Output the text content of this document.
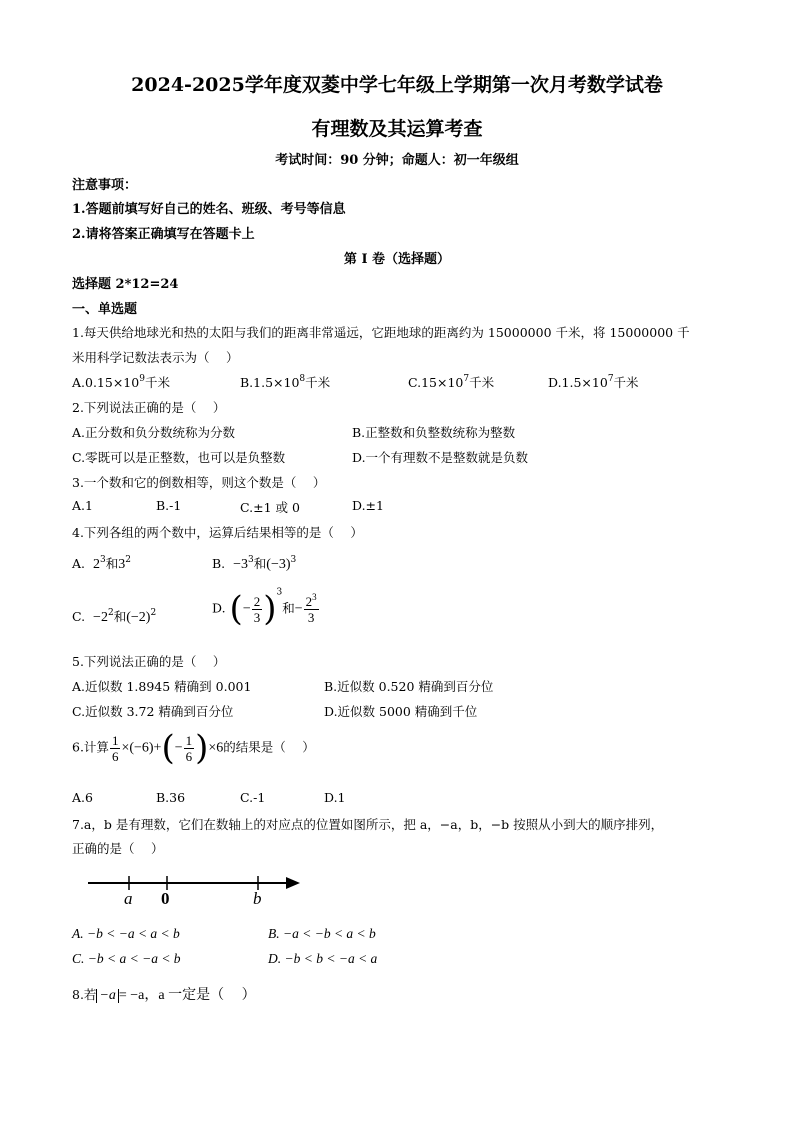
2024-2025学年度双菱中学七年级上学期第一次月考数学试卷
有理数及其运算考查
考试时间：90 分钟；命题人：初一年级组
注意事项：
1.答题前填写好自己的姓名、班级、考号等信息
2.请将答案正确填写在答题卡上
第 I 卷（选择题）
选择题 2*12=24
一、单选题
1.每天供给地球光和热的太阳与我们的距离非常遥远，它距地球的距离约为 15000000 千米，将 15000000 千
米用科学记数法表示为（　 ）
$A.0.15\times 10^9$千米	$B.1.5\times 10^8$千米	$C.15\times 10^7$千米	$D.1.5\times 10^7$千米
2.下列说法正确的是（　 ）
A.正分数和负分数统称为分数	B.正整数和负整数统称为整数
C.零既可以是正整数，也可以是负整数	D.一个有理数不是整数就是负数
3.一个数和它的倒数相等，则这个数是（　 ）
A.1	B.-1	C.±1 或 0	D.±1
4.下列各组的两个数中，运算后结果相等的是（　 ）
A. $2^3$和$3^2$	B. $-3^3$和$(-3)^3$
C. $-2^2$和$(-2)^2$	D. (− $\frac{2}{3} )^3$和− $\frac{2^3}{3}$
5.下列说法正确的是（　 ）
A.近似数 1.8945 精确到 0.001	B.近似数 0.520 精确到百分位
C.近似数 3.72 精确到百分位	D.近似数 5000 精确到千位
6.计算 $\frac{1}{6} \times(-6)+(- \frac{1}{6} )\times 6$的结果是（　 ）
A.6	B.36	C.-1	D.1
7.a，b 是有理数，它们在数轴上的对应点的位置如图所示，把 a，−a，b，−b 按照从小到大的顺序排列，
正确的是（　 ）
a 0	b
A. −b < −a < a < b	B. −a < −b < a < b
C. −b < a < −a < b	D. −b < b < −a < a
8.若 −a = −a，a 一定是（　 ）
